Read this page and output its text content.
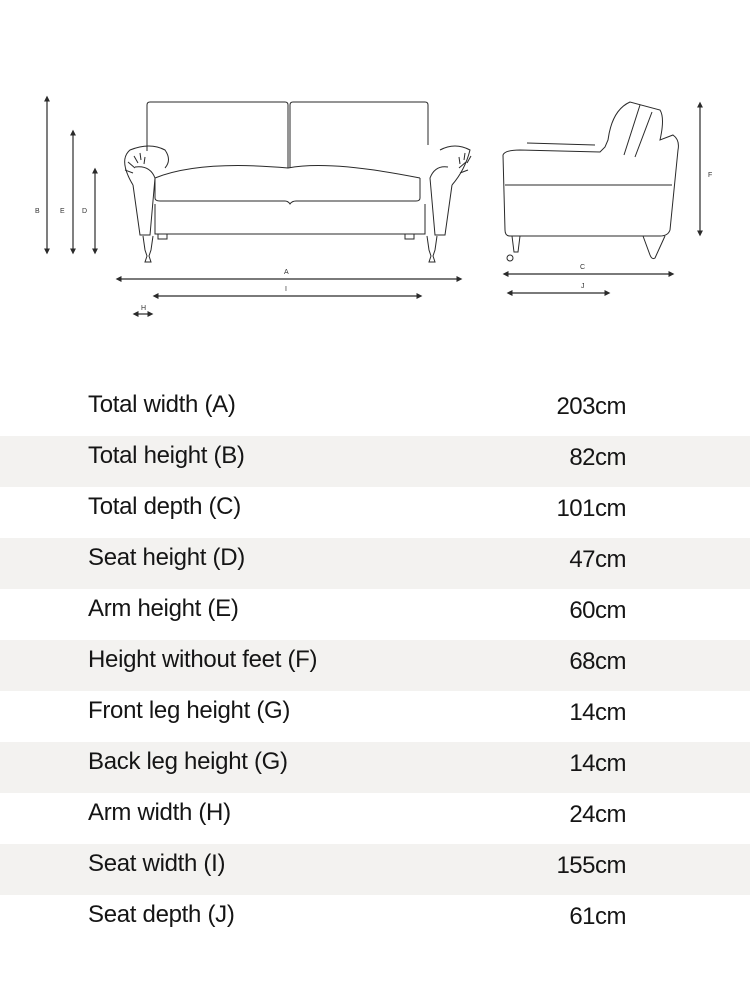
B	E D
A
I
H
F
C
J
Total width (A)	203cm
Total height (B)	82cm
Total depth (C)	101cm
Seat height (D)	47cm
Arm height (E)	60cm
Height without feet (F)	68cm
Front leg height (G)	14cm
Back leg height (G)	14cm
Arm width (H)	24cm
Seat width (I)	155cm
Seat depth (J)	61cm
